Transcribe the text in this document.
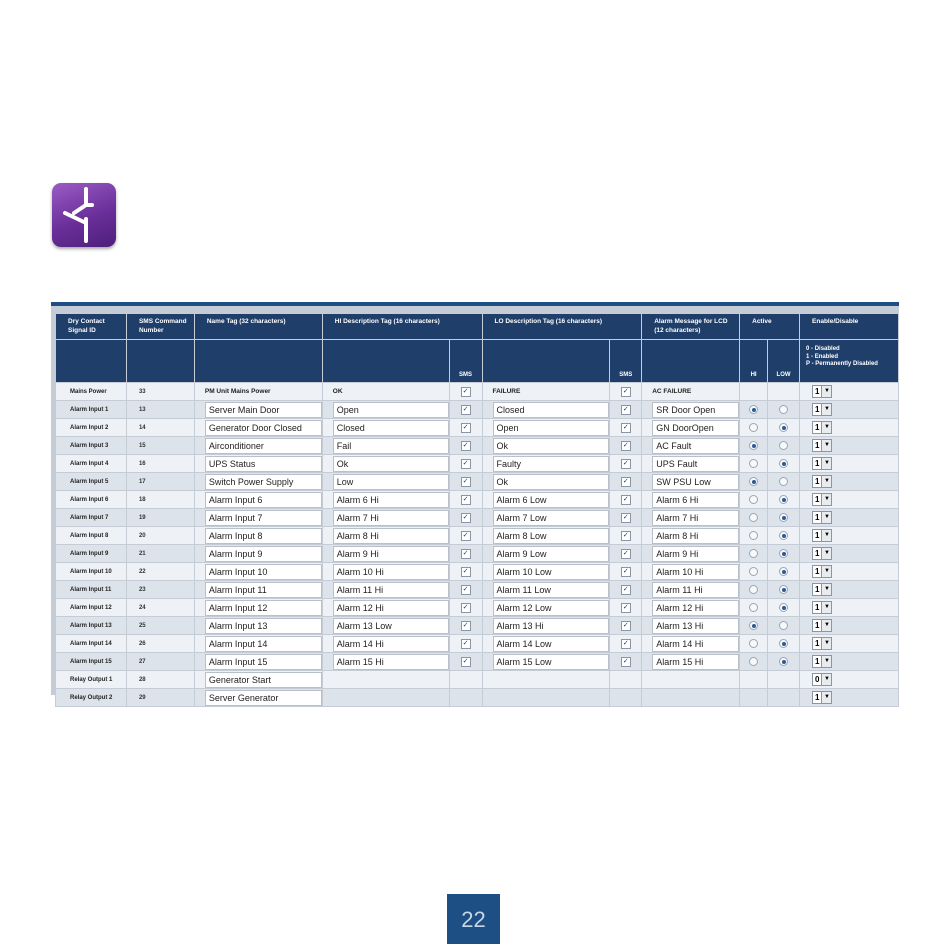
Dry Contact Signal ID	SMS Command Number	Name Tag (32 characters)	HI Description Tag (16 characters)		LO Description Tag (16 characters)		Alarm Message for LCD (12 characters)	Active		Enable/Disable

				SMS		SMS		HI	LOW	0 - Disabled
1 - Enabled
P - Permanently Disabled

Mains Power	33	PM Unit Mains Power	OK	✓	FAILURE	✓	AC FAILURE			1 ▼

Alarm Input 1	13	Server Main Door	Open	✓	Closed	✓	SR Door Open			1 ▼

Alarm Input 2	14	Generator Door Closed	Closed	✓	Open	✓	GN DoorOpen			1 ▼

Alarm Input 3	15	Airconditioner	Fail	✓	Ok	✓	AC Fault			1 ▼

Alarm Input 4	16	UPS Status	Ok	✓	Faulty	✓	UPS Fault			1 ▼

Alarm Input 5	17	Switch Power Supply	Low	✓	Ok	✓	SW PSU Low			1 ▼

Alarm Input 6	18	Alarm Input 6	Alarm 6 Hi	✓	Alarm 6 Low	✓	Alarm 6 Hi			1 ▼

Alarm Input 7	19	Alarm Input 7	Alarm 7 Hi	✓	Alarm 7 Low	✓	Alarm 7 Hi			1 ▼

Alarm Input 8	20	Alarm Input 8	Alarm 8 Hi	✓	Alarm 8 Low	✓	Alarm 8 Hi			1 ▼

Alarm Input 9	21	Alarm Input 9	Alarm 9 Hi	✓	Alarm 9 Low	✓	Alarm 9 Hi			1 ▼

Alarm Input 10	22	Alarm Input 10	Alarm 10 Hi	✓	Alarm 10 Low	✓	Alarm 10 Hi			1 ▼

Alarm Input 11	23	Alarm Input 11	Alarm 11 Hi	✓	Alarm 11 Low	✓	Alarm 11 Hi			1 ▼

Alarm Input 12	24	Alarm Input 12	Alarm 12 Hi	✓	Alarm 12 Low	✓	Alarm 12 Hi			1 ▼

Alarm Input 13	25	Alarm Input 13	Alarm 13 Low	✓	Alarm 13 Hi	✓	Alarm 13 Hi			1 ▼

Alarm Input 14	26	Alarm Input 14	Alarm 14 Hi	✓	Alarm 14 Low	✓	Alarm 14 Hi			1 ▼

Alarm Input 15	27	Alarm Input 15	Alarm 15 Hi	✓	Alarm 15 Low	✓	Alarm 15 Hi			1 ▼

Relay Output 1	28	Generator Start								0 ▼

Relay Output 2	29	Server Generator								1 ▼
22
